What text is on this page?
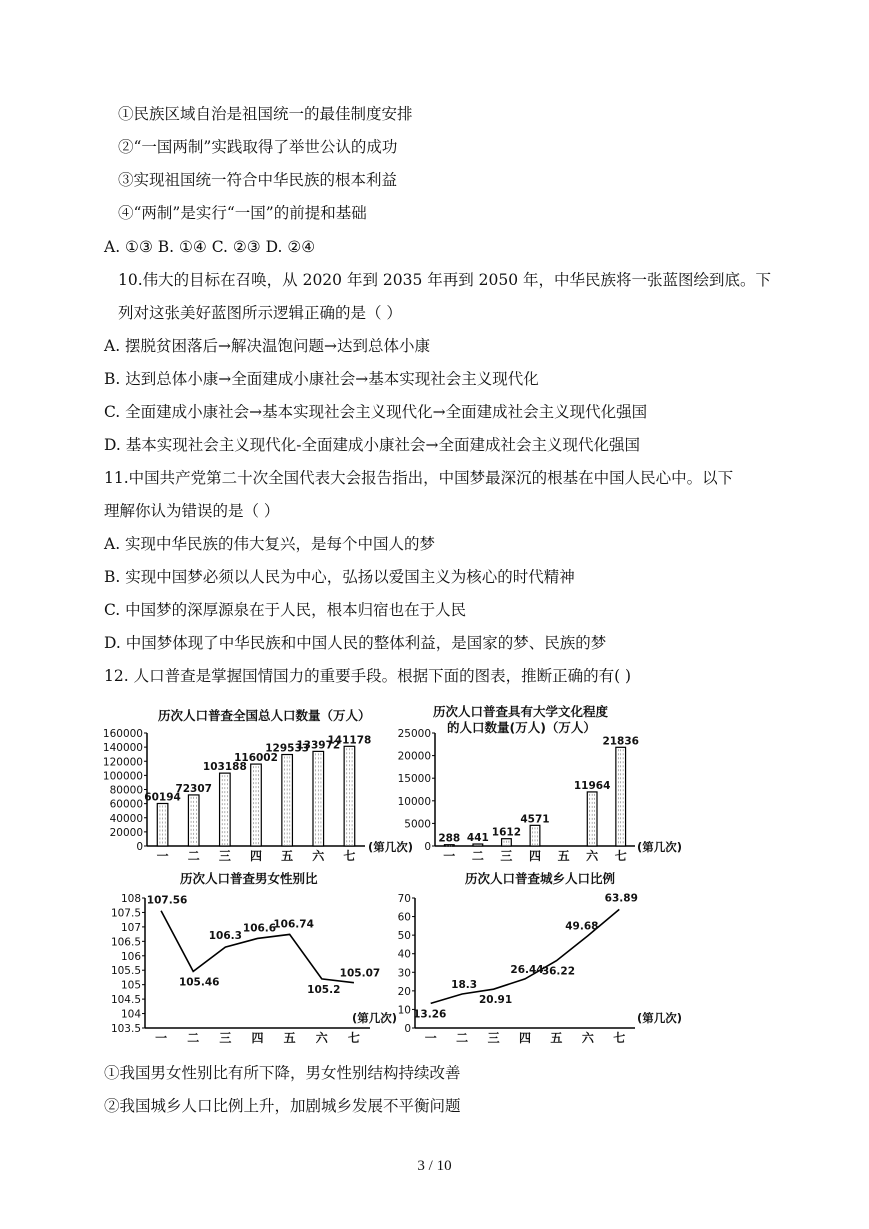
①民族区域自治是祖国统一的最佳制度安排
②“一国两制”实践取得了举世公认的成功
③实现祖国统一符合中华民族的根本利益
④“两制”是实行“一国”的前提和基础
A. ①③ B. ①④ C. ②③ D. ②④
10.伟大的目标在召唤，从 2020 年到 2035 年再到 2050 年，中华民族将一张蓝图绘到底。下
列对这张美好蓝图所示逻辑正确的是（ ）
A. 摆脱贫困落后→解决温饱问题→达到总体小康
B. 达到总体小康→全面建成小康社会→基本实现社会主义现代化
C. 全面建成小康社会→基本实现社会主义现代化→全面建成社会主义现代化强国
D. 基本实现社会主义现代化-全面建成小康社会→全面建成社会主义现代化强国
11.中国共产党第二十次全国代表大会报告指出，中国梦最深沉的根基在中国人民心中。以下
理解你认为错误的是（ ）
A. 实现中华民族的伟大复兴，是每个中国人的梦
B. 实现中国梦必须以人民为中心，弘扬以爱国主义为核心的时代精神
C. 中国梦的深厚源泉在于人民，根本归宿也在于人民
D. 中国梦体现了中华民族和中国人民的整体利益，是国家的梦、民族的梦
12. 人口普查是掌握国情国力的重要手段。根据下面的图表，推断正确的有( )
①我国男女性别比有所下降，男女性别结构持续改善
②我国城乡人口比例上升，加剧城乡发展不平衡问题
历次人口普查全国总人口数量（万人）
0
20000
40000
60000
80000
100000
120000
140000
160000
一 二 三 四 五 六 七
(第几次)
60194
72307
103188
116002
129533
133972
141178
历次人口普查具有大学文化程度
的人口数量(万人)（万人）
0
5000
10000
15000
20000
25000
一 二 三 四 五 六 七
(第几次)
288 441 1612
4571
11964
21836
历次人口普查男女性别比
103.5
104
104.5
105
105.5
106
106.5
107
107.5
108
一 二 三 四 五 六 七
(第几次)
107.56
105.46
106.3
106.6
106.74
105.2
105.07
历次人口普查城乡人口比例
0
10
20
30
40
50
60
70
一 二 三 四 五 六 七
(第几次)
13.26
18.3
20.91
26.44
36.22
49.68
63.89
3 / 10
